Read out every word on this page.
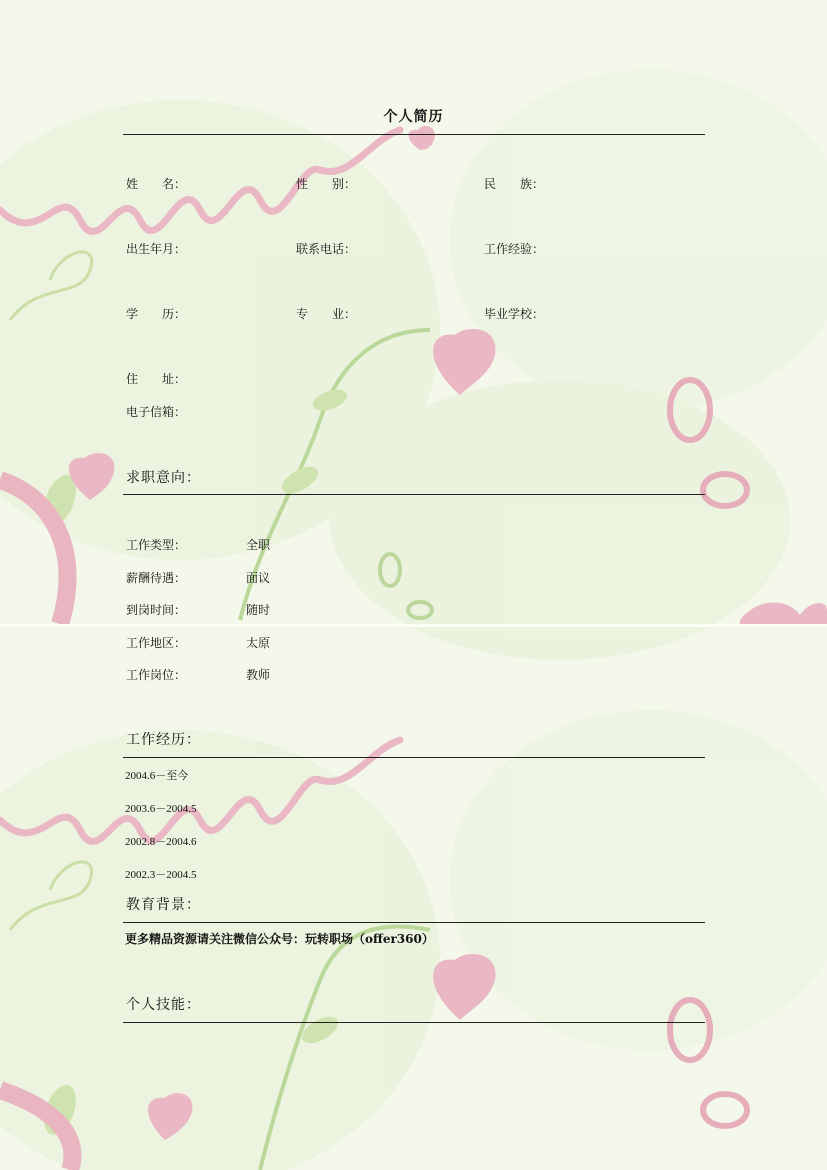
个人简历
姓　　名：	性　　别：	民　　族：
出生年月：	联系电话：	工作经验：
学　　历：	专　　业：	毕业学校：
住　　址：
电子信箱：
求职意向：
工作类型：	全职
薪酬待遇：	面议
到岗时间：	随时
工作地区：	太原
工作岗位：	教师
工作经历：
2004.6－至今
2003.6－2004.5
2002.8－2004.6
2002.3－2004.5
教育背景：
更多精品资源请关注微信公众号：玩转职场（offer360）
个人技能：
